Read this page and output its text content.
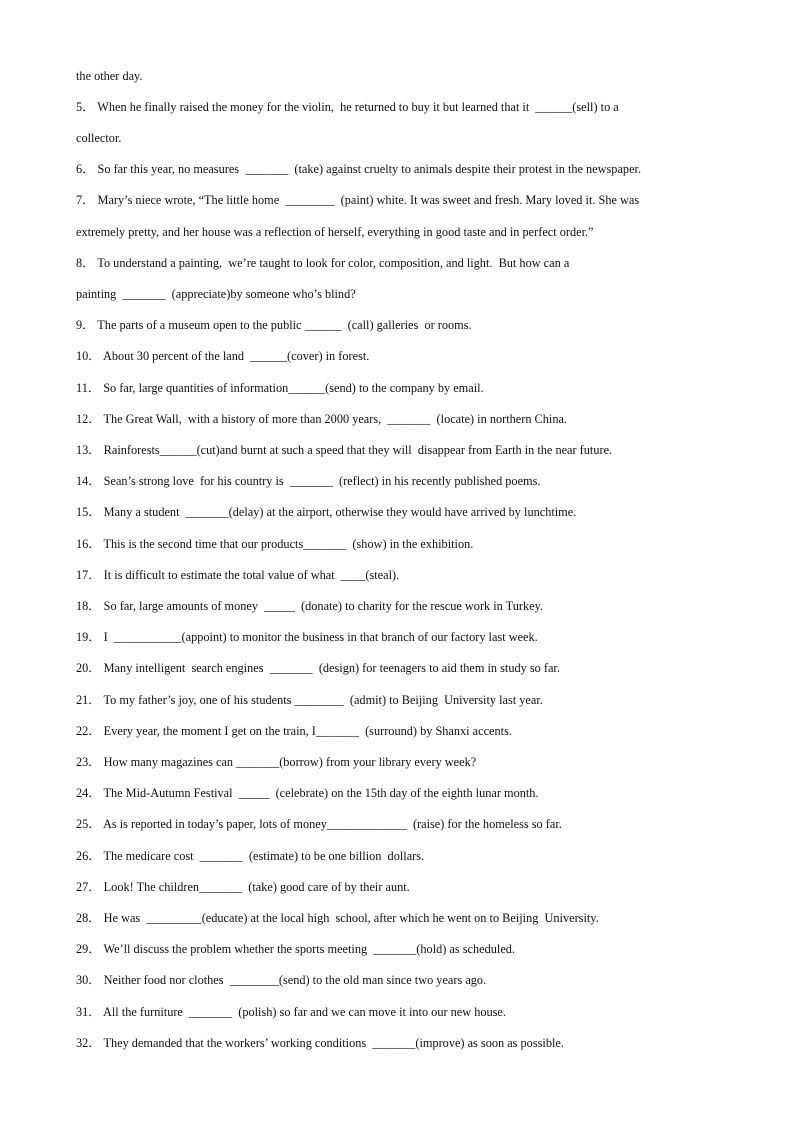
the other day.
5． When he finally raised the money for the violin,  he returned to buy it but learned that it  ______(sell) to a
collector.
6． So far this year, no measures  _______  (take) against cruelty to animals despite their protest in the newspaper.
7． Mary’s niece wrote, “The little home  ________  (paint) white. It was sweet and fresh. Mary loved it. She was
extremely pretty, and her house was a reflection of herself, everything in good taste and in perfect order.”
8． To understand a painting,  we’re taught to look for color, composition, and light.  But how can a
painting  _______  (appreciate)by someone who’s blind?
9． The parts of a museum open to the public ______  (call) galleries  or rooms.
10． About 30 percent of the land  ______(cover) in forest.
11． So far, large quantities of information______(send) to the company by email.
12． The Great Wall,  with a history of more than 2000 years,  _______  (locate) in northern China.
13． Rainforests______(cut)and burnt at such a speed that they will  disappear from Earth in the near future.
14． Sean’s strong love  for his country is  _______  (reflect) in his recently published poems.
15． Many a student  _______(delay) at the airport, otherwise they would have arrived by lunchtime.
16． This is the second time that our products_______  (show) in the exhibition.
17． It is difficult to estimate the total value of what  ____(steal).
18． So far, large amounts of money  _____  (donate) to charity for the rescue work in Turkey.
19． I  ___________(appoint) to monitor the business in that branch of our factory last week.
20． Many intelligent  search engines  _______  (design) for teenagers to aid them in study so far.
21． To my father’s joy, one of his students ________  (admit) to Beijing  University last year.
22． Every year, the moment I get on the train, I_______  (surround) by Shanxi accents.
23． How many magazines can _______(borrow) from your library every week?
24． The Mid-Autumn Festival  _____  (celebrate) on the 15th day of the eighth lunar month.
25． As is reported in today’s paper, lots of money_____________  (raise) for the homeless so far.
26． The medicare cost  _______  (estimate) to be one billion  dollars.
27． Look! The children_______  (take) good care of by their aunt.
28． He was  _________(educate) at the local high  school, after which he went on to Beijing  University.
29． We’ll discuss the problem whether the sports meeting  _______(hold) as scheduled.
30． Neither food nor clothes  ________(send) to the old man since two years ago.
31． All the furniture  _______  (polish) so far and we can move it into our new house.
32． They demanded that the workers’ working conditions  _______(improve) as soon as possible.
